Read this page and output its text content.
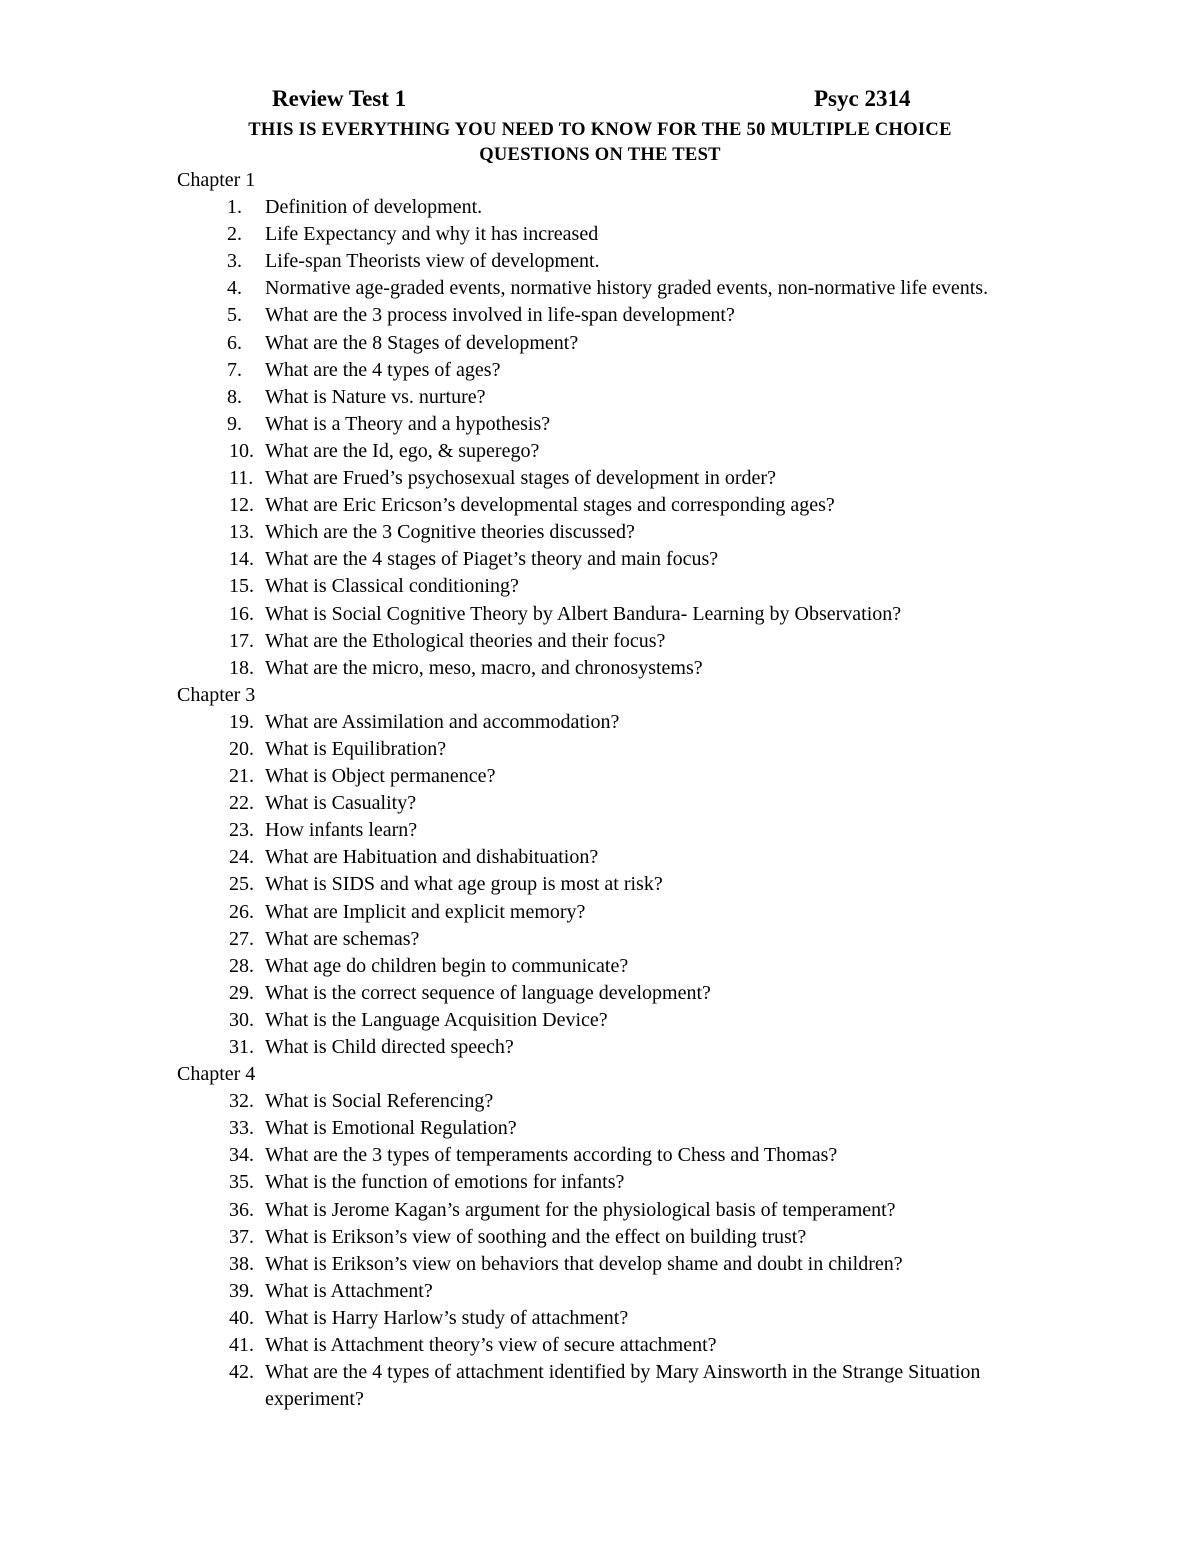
Review Test 1	Psyc 2314
THIS IS EVERYTHING YOU NEED TO KNOW FOR THE 50 MULTIPLE CHOICE
QUESTIONS ON THE TEST
Chapter 1
1.	Definition of development.
2.	Life Expectancy and why it has increased
3.	Life-span Theorists view of development.
4.	Normative age-graded events, normative history graded events, non-normative life events.
5.	What are the 3 process involved in life-span development?
6.	What are the 8 Stages of development?
7.	What are the 4 types of ages?
8.	What is Nature vs. nurture?
9.	What is a Theory and a hypothesis?
10. What are the Id, ego, & superego?
11. What are Frued’s psychosexual stages of development in order?
12. What are Eric Ericson’s developmental stages and corresponding ages?
13. Which are the 3 Cognitive theories discussed?
14. What are the 4 stages of Piaget’s theory and main focus?
15. What is Classical conditioning?
16. What is Social Cognitive Theory by Albert Bandura- Learning by Observation?
17. What are the Ethological theories and their focus?
18. What are the micro, meso, macro, and chronosystems?
Chapter 3
19. What are Assimilation and accommodation?
20. What is Equilibration?
21. What is Object permanence?
22. What is Casuality?
23. How infants learn?
24. What are Habituation and dishabituation?
25. What is SIDS and what age group is most at risk?
26. What are Implicit and explicit memory?
27. What are schemas?
28. What age do children begin to communicate?
29. What is the correct sequence of language development?
30. What is the Language Acquisition Device?
31. What is Child directed speech?
Chapter 4
32. What is Social Referencing?
33. What is Emotional Regulation?
34. What are the 3 types of temperaments according to Chess and Thomas?
35. What is the function of emotions for infants?
36. What is Jerome Kagan’s argument for the physiological basis of temperament?
37. What is Erikson’s view of soothing and the effect on building trust?
38. What is Erikson’s view on behaviors that develop shame and doubt in children?
39. What is Attachment?
40. What is Harry Harlow’s study of attachment?
41. What is Attachment theory’s view of secure attachment?
42. What are the 4 types of attachment identified by Mary Ainsworth in the Strange Situation experiment?
